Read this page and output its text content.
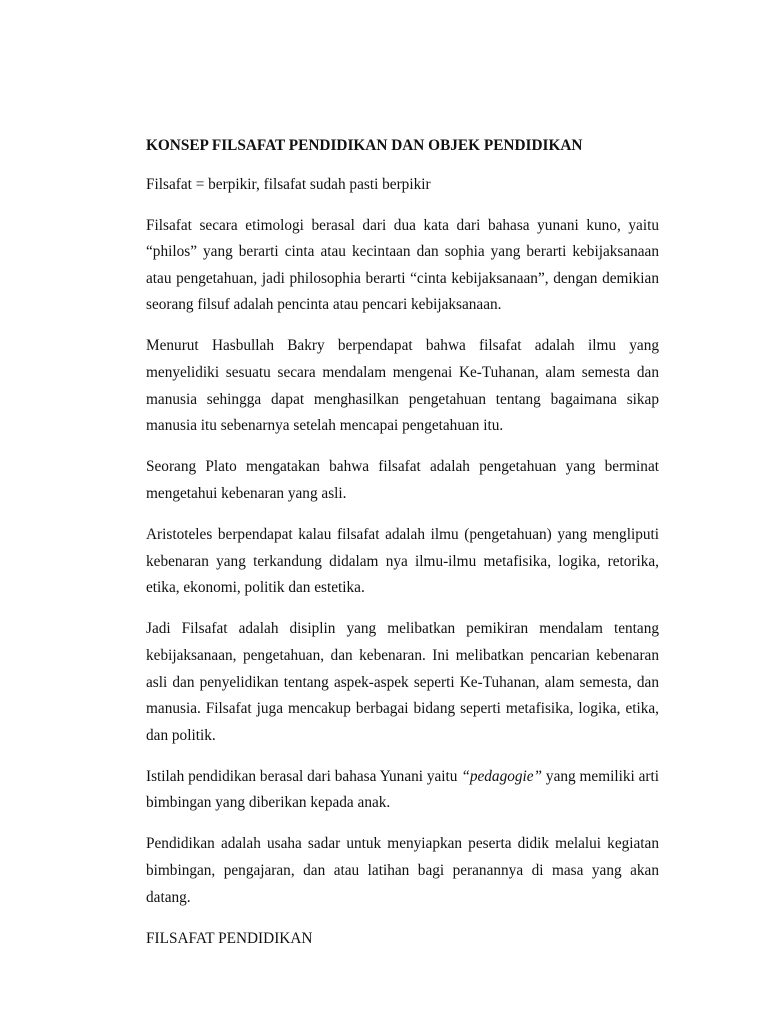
KONSEP FILSAFAT PENDIDIKAN DAN OBJEK PENDIDIKAN

Filsafat = berpikir, filsafat sudah pasti berpikir

Filsafat secara etimologi berasal dari dua kata dari bahasa yunani kuno, yaitu “philos” yang berarti cinta atau kecintaan dan sophia yang berarti kebijaksanaan atau pengetahuan, jadi philosophia berarti “cinta kebijaksanaan”, dengan demikian seorang filsuf adalah pencinta atau pencari kebijaksanaan.

Menurut Hasbullah Bakry berpendapat bahwa filsafat adalah ilmu yang menyelidiki sesuatu secara mendalam mengenai Ke-Tuhanan, alam semesta dan manusia sehingga dapat menghasilkan pengetahuan tentang bagaimana sikap manusia itu sebenarnya setelah mencapai pengetahuan itu.

Seorang Plato mengatakan bahwa filsafat adalah pengetahuan yang berminat mengetahui kebenaran yang asli.

Aristoteles berpendapat kalau filsafat adalah ilmu (pengetahuan) yang mengliputi kebenaran yang terkandung didalam nya ilmu-ilmu metafisika, logika, retorika, etika, ekonomi, politik dan estetika.

Jadi Filsafat adalah disiplin yang melibatkan pemikiran mendalam tentang kebijaksanaan, pengetahuan, dan kebenaran. Ini melibatkan pencarian kebenaran asli dan penyelidikan tentang aspek-aspek seperti Ke-Tuhanan, alam semesta, dan manusia. Filsafat juga mencakup berbagai bidang seperti metafisika, logika, etika, dan politik.

Istilah pendidikan berasal dari bahasa Yunani yaitu “pedagogie” yang memiliki arti bimbingan yang diberikan kepada anak.

Pendidikan adalah usaha sadar untuk menyiapkan peserta didik melalui kegiatan bimbingan, pengajaran, dan atau latihan bagi peranannya di masa yang akan datang.

FILSAFAT PENDIDIKAN
